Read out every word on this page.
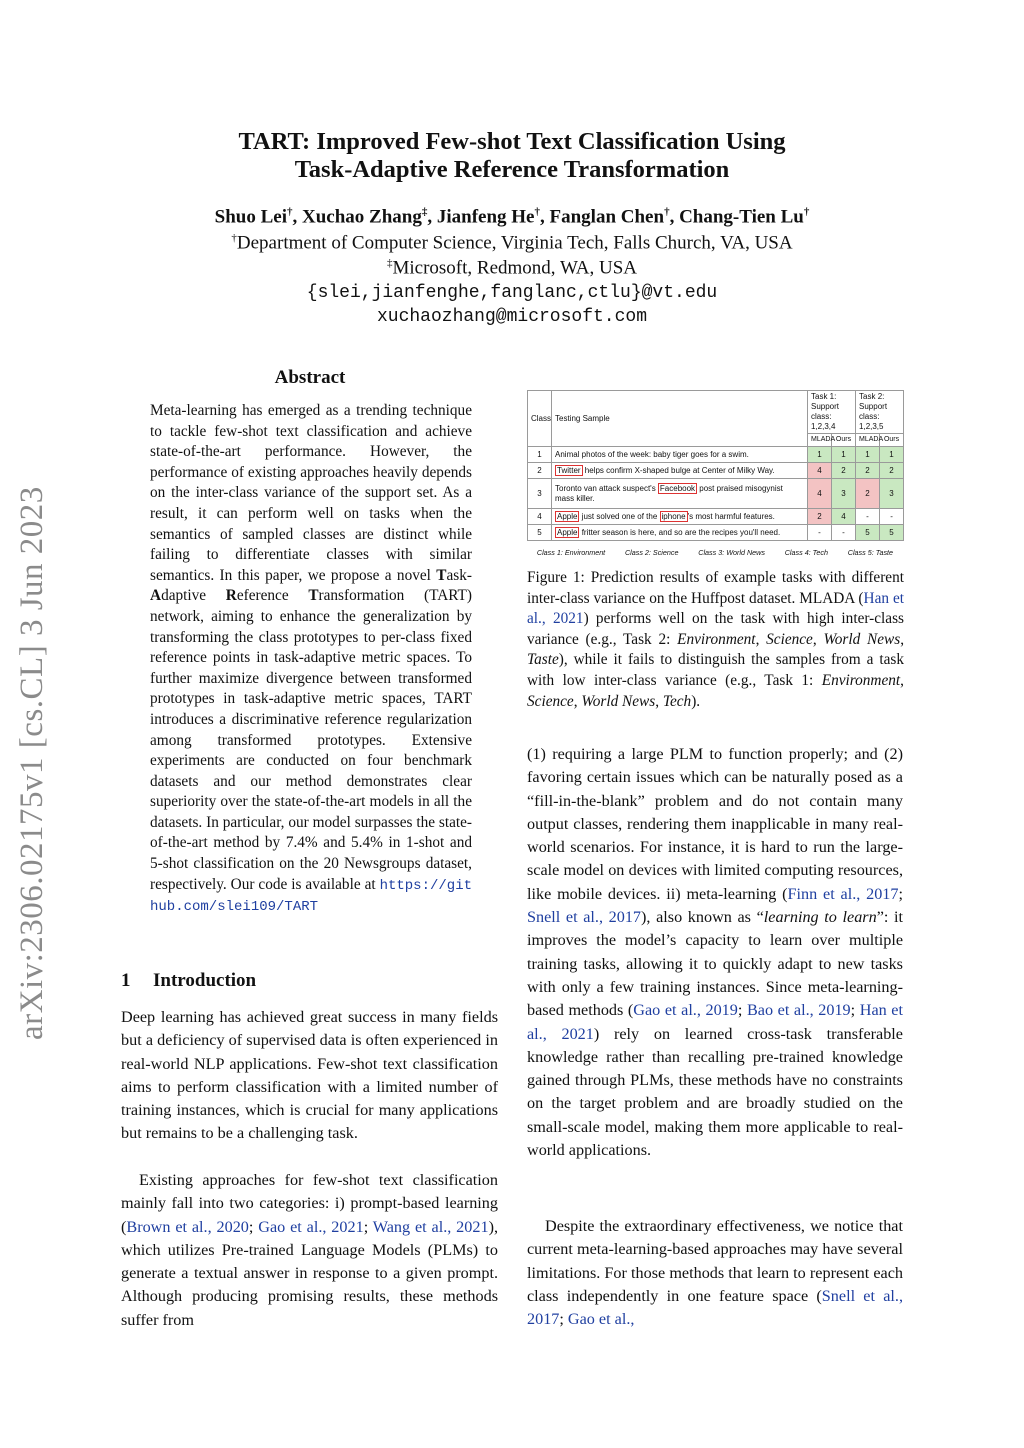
arXiv:2306.02175v1 [cs.CL] 3 Jun 2023
TART: Improved Few-shot Text Classification Using
Task-Adaptive Reference Transformation
Shuo Lei†, Xuchao Zhang‡, Jianfeng He†, Fanglan Chen†, Chang-Tien Lu†
†Department of Computer Science, Virginia Tech, Falls Church, VA, USA
‡Microsoft, Redmond, WA, USA
{slei,jianfenghe,fanglanc,ctlu}@vt.edu
xuchaozhang@microsoft.com
Abstract
Meta-learning has emerged as a trending technique to tackle few-shot text classification and achieve state-of-the-art performance. However, the performance of existing approaches heavily depends on the inter-class variance of the support set. As a result, it can perform well on tasks when the semantics of sampled classes are distinct while failing to differentiate classes with similar semantics. In this paper, we propose a novel Task-Adaptive Reference Transformation (TART) network, aiming to enhance the generalization by transforming the class prototypes to per-class fixed reference points in task-adaptive metric spaces. To further maximize divergence between transformed prototypes in task-adaptive metric spaces, TART introduces a discriminative reference regularization among transformed prototypes. Extensive experiments are conducted on four benchmark datasets and our method demonstrates clear superiority over the state-of-the-art models in all the datasets. In particular, our model surpasses the state-of-the-art method by 7.4% and 5.4% in 1-shot and 5-shot classification on the 20 Newsgroups dataset, respectively. Our code is available at https://github.com/slei109/TART
1 Introduction
Deep learning has achieved great success in many fields but a deficiency of supervised data is often experienced in real-world NLP applications. Few-shot text classification aims to perform classification with a limited number of training instances, which is crucial for many applications but remains to be a challenging task.
Existing approaches for few-shot text classification mainly fall into two categories: i) prompt-based learning (Brown et al., 2020; Gao et al., 2021; Wang et al., 2021), which utilizes Pre-trained Language Models (PLMs) to generate a textual answer in response to a given prompt. Although producing promising results, these methods suffer from
Class	Testing Sample	Task 1: Support class: 1,2,3,4		Task 2: Support class: 1,2,3,5	
		MLADA	Ours	MLADA	Ours
1	Animal photos of the week: baby tiger goes for a swim.	1	1	1	1
2	Twitter helps confirm X-shaped bulge at Center of Milky Way.	4	2	2	2
3	Toronto van attack suspect's Facebook post praised misogynist mass killer.	4	3	2	3
4	Apple just solved one of the iphone 's most harmful features.	2	4	-	-
5	Apple fritter season is here, and so are the recipes you'll need.	-	-	5	5
Class 1: Environment	Class 2: Science	Class 3: World News	Class 4: Tech	Class 5: Taste
Figure 1: Prediction results of example tasks with different inter-class variance on the Huffpost dataset. MLADA (Han et al., 2021) performs well on the task with high inter-class variance (e.g., Task 2: Environment, Science, World News, Taste), while it fails to distinguish the samples from a task with low inter-class variance (e.g., Task 1: Environment, Science, World News, Tech).
(1) requiring a large PLM to function properly; and (2) favoring certain issues which can be naturally posed as a “fill-in-the-blank” problem and do not contain many output classes, rendering them inapplicable in many real-world scenarios. For instance, it is hard to run the large-scale model on devices with limited computing resources, like mobile devices. ii) meta-learning (Finn et al., 2017; Snell et al., 2017), also known as “learning to learn”: it improves the model’s capacity to learn over multiple training tasks, allowing it to quickly adapt to new tasks with only a few training instances. Since meta-learning-based methods (Gao et al., 2019; Bao et al., 2019; Han et al., 2021) rely on learned cross-task transferable knowledge rather than recalling pre-trained knowledge gained through PLMs, these methods have no constraints on the target problem and are broadly studied on the small-scale model, making them more applicable to real-world applications.
Despite the extraordinary effectiveness, we notice that current meta-learning-based approaches may have several limitations. For those methods that learn to represent each class independently in one feature space (Snell et al., 2017; Gao et al.,
